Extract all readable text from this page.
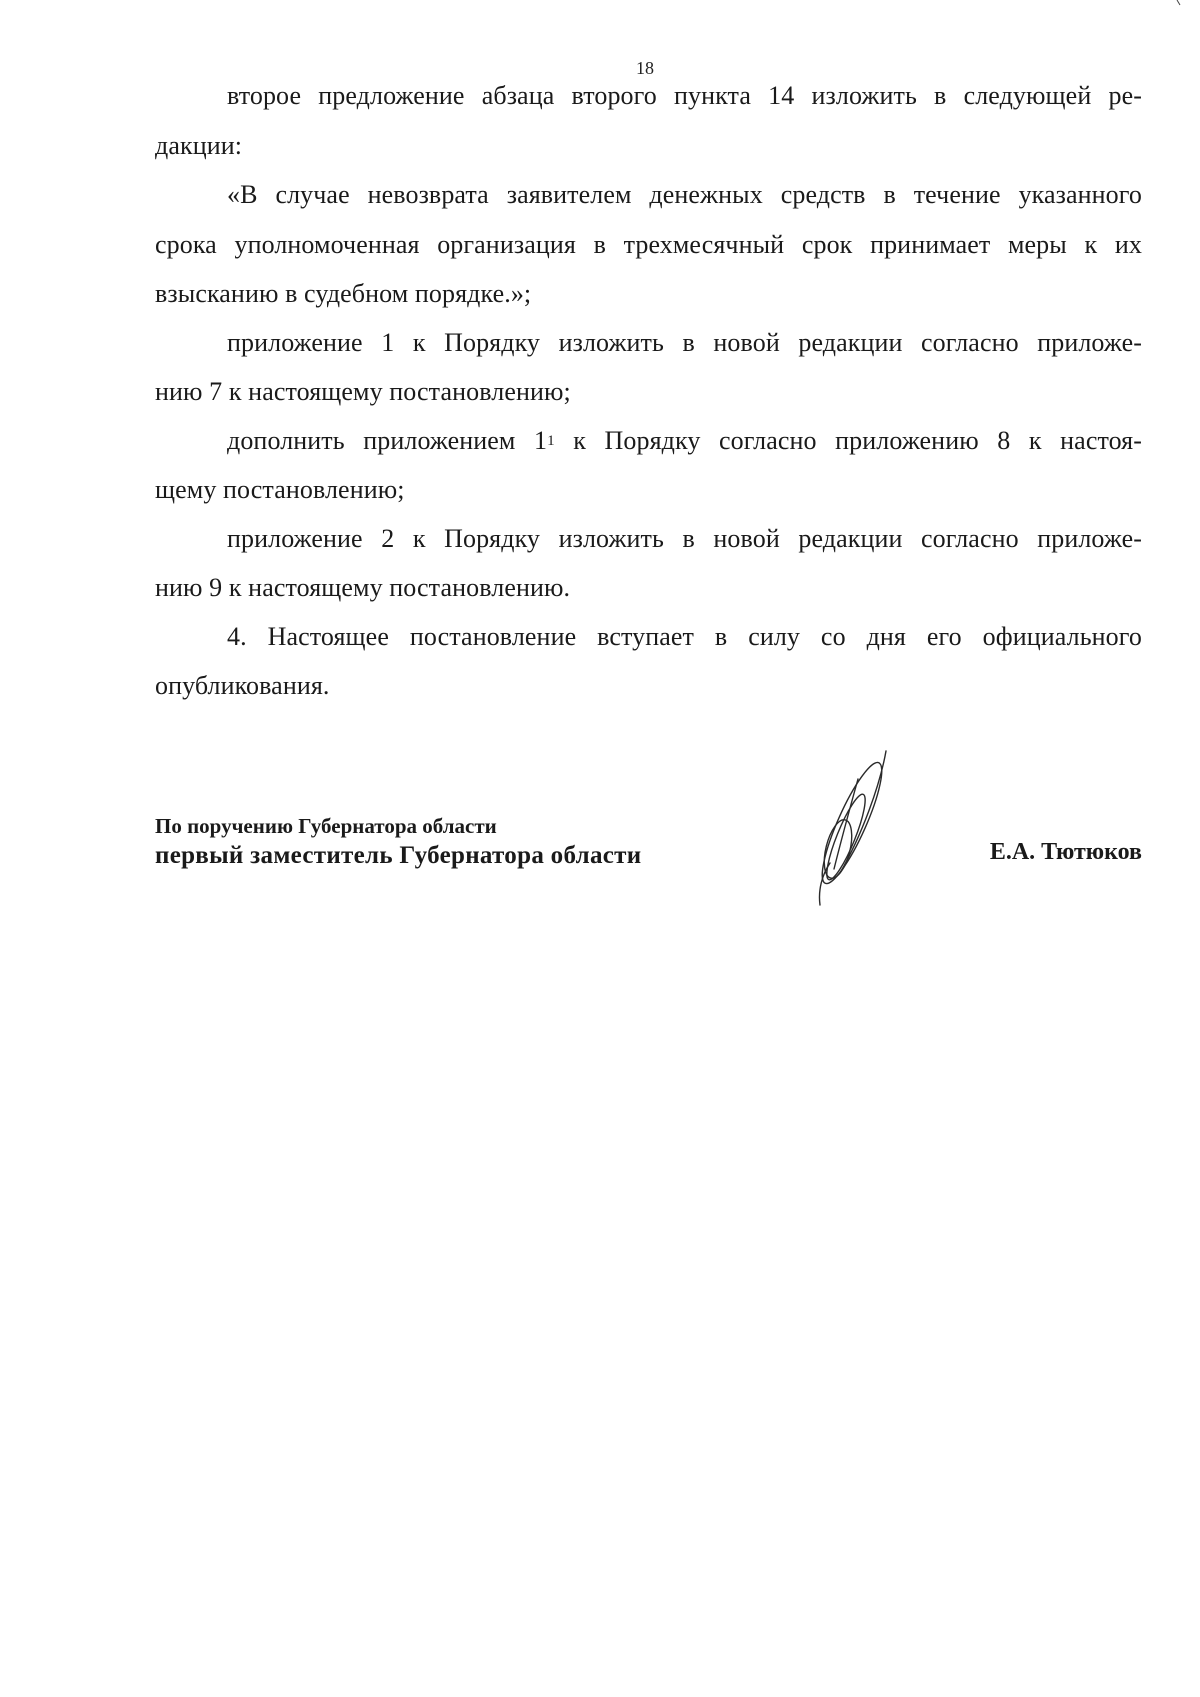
18
второе предложение абзаца второго пункта 14 изложить в следующей ре-
дакции:
«В случае невозврата заявителем денежных средств в течение указанного
срока уполномоченная организация в трехмесячный срок принимает меры к их
взысканию в судебном порядке.»;
приложение 1 к Порядку изложить в новой редакции согласно приложе-
нию 7 к настоящему постановлению;
дополнить приложением $1^1$ к Порядку согласно приложению 8 к настоя-
щему постановлению;
приложение 2 к Порядку изложить в новой редакции согласно приложе-
нию 9 к настоящему постановлению.
4. Настоящее постановление вступает в силу со дня его официального
опубликования.
По поручению Губернатора области
первый заместитель Губернатора области	Е.А. Тютюков
